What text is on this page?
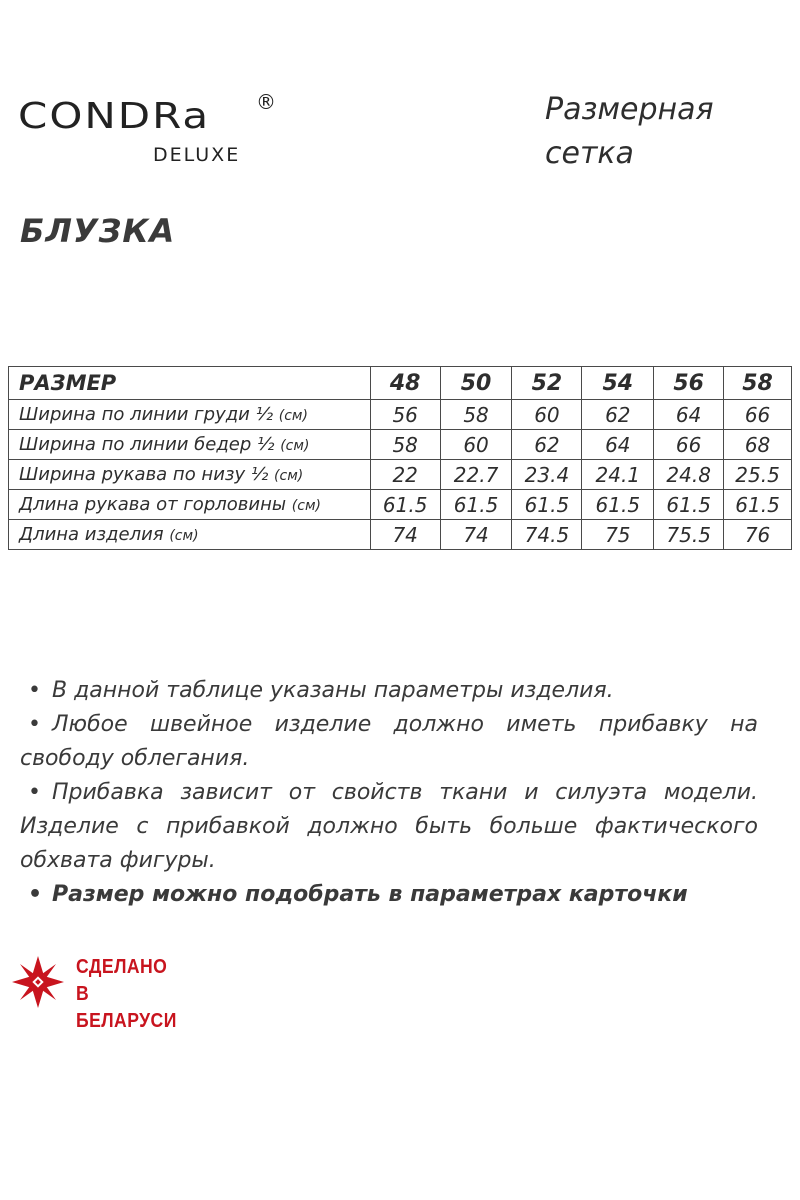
CONDRa ®
DELUXE
Размерная
сетка
БЛУЗКА
РАЗМЕР	48	50	52	54	56	58
Ширина по линии груди ½ (см)	56	58	60	62	64	66
Ширина по линии бедер ½ (см)	58	60	62	64	66	68
Ширина рукава по низу ½ (см)	22	22.7	23.4	24.1	24.8	25.5
Длина рукава от горловины (см)	61.5	61.5	61.5	61.5	61.5	61.5
Длина изделия (см)	74	74	74.5	75	75.5	76
• В данной таблице указаны параметры изделия.
• Любое швейное изделие должно иметь прибавку на свободу облегания.
• Прибавка зависит от свойств ткани и силуэта модели. Изделие с прибавкой должно быть больше фактического обхвата фигуры.
• Размер можно подобрать в параметрах карточки
СДЕЛАНО
В БЕЛАРУСИ
